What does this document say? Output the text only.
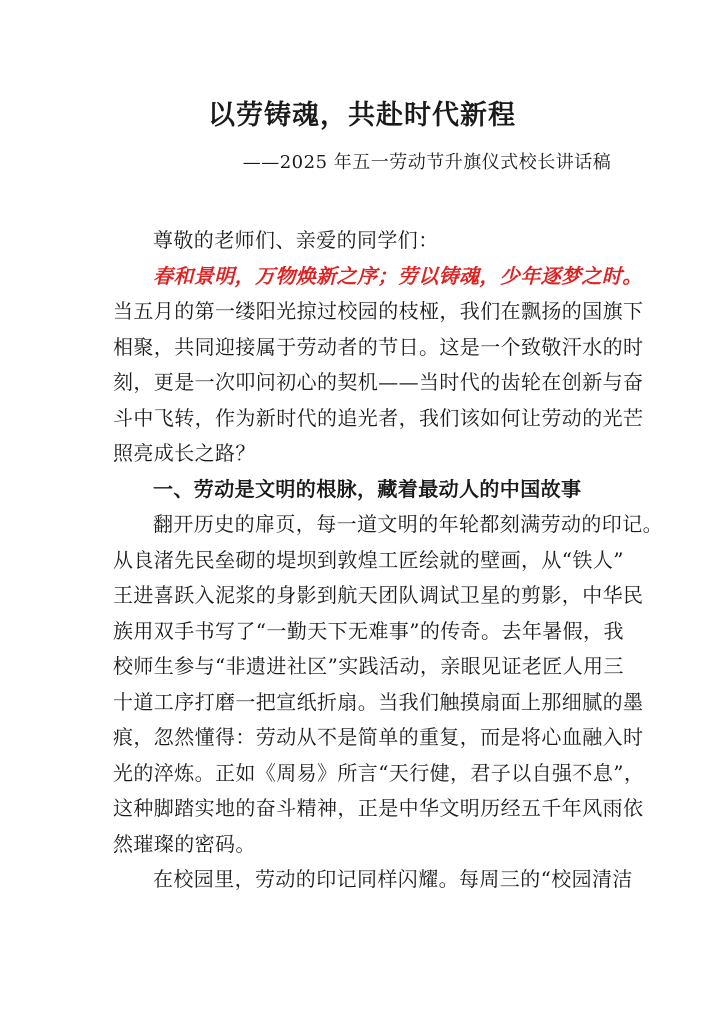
以劳铸魂，共赴时代新程

——2025 年五一劳动节升旗仪式校长讲话稿

尊敬的老师们、亲爱的同学们：

春和景明，万物焕新之序；劳以铸魂，少年逐梦之时。

当五月的第一缕阳光掠过校园的枝桠，我们在飘扬的国旗下

相聚，共同迎接属于劳动者的节日。这是一个致敬汗水的时

刻，更是一次叩问初心的契机——当时代的齿轮在创新与奋

斗中飞转，作为新时代的追光者，我们该如何让劳动的光芒

照亮成长之路？

一、劳动是文明的根脉，藏着最动人的中国故事

翻开历史的扉页，每一道文明的年轮都刻满劳动的印记。

从良渚先民垒砌的堤坝到敦煌工匠绘就的壁画，从“铁人”

王进喜跃入泥浆的身影到航天团队调试卫星的剪影，中华民

族用双手书写了“一勤天下无难事”的传奇。去年暑假，我

校师生参与“非遗进社区”实践活动，亲眼见证老匠人用三

十道工序打磨一把宣纸折扇。当我们触摸扇面上那细腻的墨

痕，忽然懂得：劳动从不是简单的重复，而是将心血融入时

光的淬炼。正如《周易》所言“天行健，君子以自强不息”，

这种脚踏实地的奋斗精神，正是中华文明历经五千年风雨依

然璀璨的密码。

在校园里，劳动的印记同样闪耀。每周三的“校园清洁
